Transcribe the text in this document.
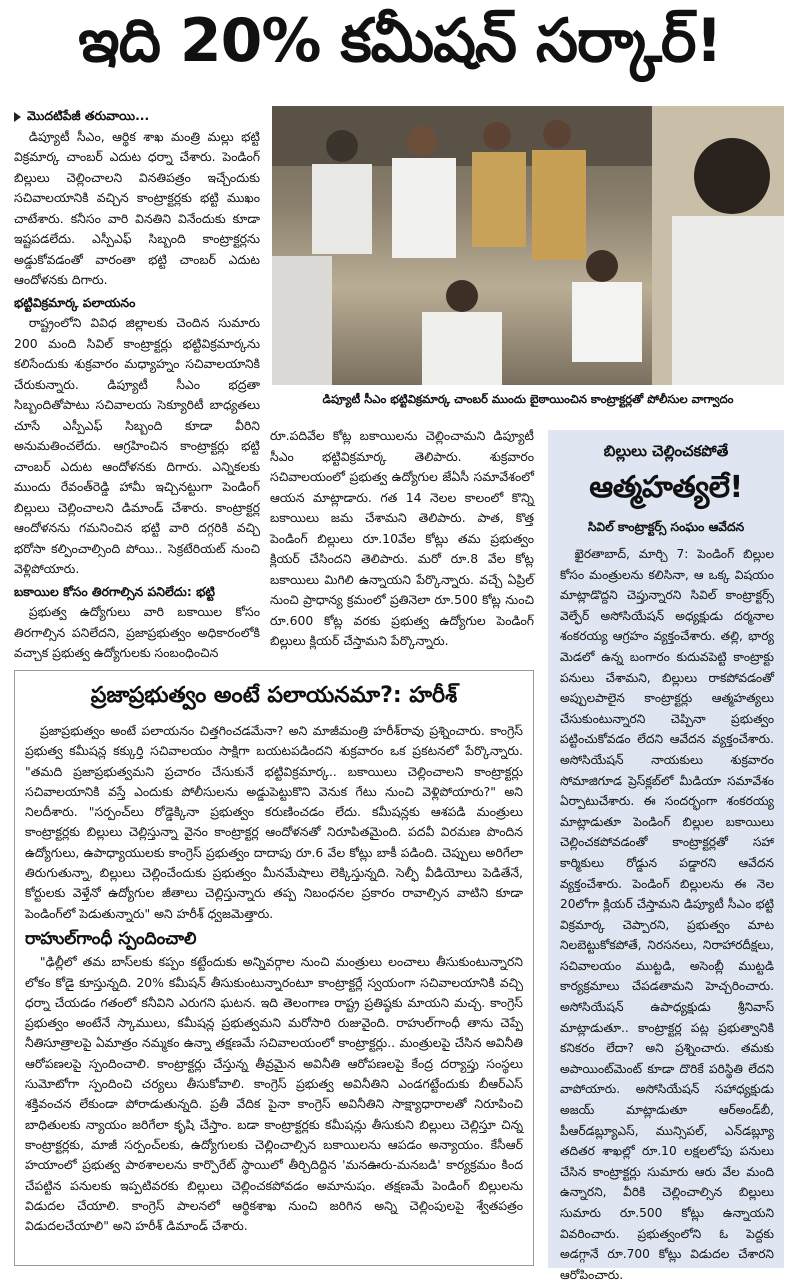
ఇది 20% కమీషన్ సర్కార్!
మొదటిపేజీ తరువాయి...

డిప్యూటీ సీఎం, ఆర్థిక శాఖ మంత్రి మల్లు భట్టి విక్రమార్క చాంబర్ ఎదుట ధర్నా చేశారు. పెండింగ్ బిల్లులు చెల్లించాలని వినతిపత్రం ఇచ్చేందుకు సచివాలయానికి వచ్చిన కాంట్రాక్టర్లకు భట్టి ముఖం చాటేశారు. కనీసం వారి వినతిని వినేందుకు కూడా ఇష్టపడలేదు. ఎస్పీఎఫ్ సిబ్బంది కాంట్రాక్టర్లను అడ్డుకోవడంతో వారంతా భట్టి చాంబర్ ఎదుట ఆందోళనకు దిగారు.

భట్టివిక్రమార్క పలాయనం

రాష్ట్రంలోని వివిధ జిల్లాలకు చెందిన సుమారు 200 మంది సివిల్ కాంట్రాక్టర్లు భట్టివిక్రమార్కను కలిసేందుకు శుక్రవారం మధ్యాహ్నం సచివాలయానికి చేరుకున్నారు. డిప్యూటీ సీఎం భద్రతా సిబ్బందితోపాటు సచివాలయ సెక్యూరిటీ బాధ్యతలు చూసే ఎస్పీఎఫ్ సిబ్బంది కూడా వీరిని అనుమతించలేదు. ఆగ్రహించిన కాంట్రాక్టర్లు భట్టి చాంబర్ ఎదుట ఆందోళనకు దిగారు. ఎన్నికలకు ముందు రేవంత్‌రెడ్డి హామీ ఇచ్చినట్టుగా పెండింగ్ బిల్లులు చెల్లించాలని డిమాండ్ చేశారు. కాంట్రాక్టర్ల ఆందోళనను గమనించిన భట్టి వారి దగ్గరికి వచ్చి భరోసా కల్పించాల్సింది పోయి.. సెక్రటేరియట్ నుంచి వెళ్లిపోయారు.

బకాయిల కోసం తిరగాల్సిన పనిలేదు: భట్టి

ప్రభుత్వ ఉద్యోగులు వారి బకాయిల కోసం తిరగాల్సిన పనిలేదని, ప్రజాప్రభుత్వం అధికారంలోకి వచ్చాక ప్రభుత్వ ఉద్యోగులకు సంబంధించిన

డిప్యూటీ సీఎం భట్టివిక్రమార్క చాంబర్ ముందు బైఠాయించిన కాంట్రాక్టర్లతో పోలీసుల వాగ్వాదం

రూ.పదివేల కోట్ల బకాయిలను చెల్లించామని డిప్యూటీ సీఎం భట్టివిక్రమార్క తెలిపారు. శుక్రవారం సచివాలయంలో ప్రభుత్వ ఉద్యోగుల జేఏసీ సమావేశంలో ఆయన మాట్లాడారు. గత 14 నెలల కాలంలో కొన్ని బకాయిలు జమ చేశామని తెలిపారు. పాత, కొత్త పెండింగ్ బిల్లులు రూ.10వేల కోట్లు తమ ప్రభుత్వం క్లియర్ చేసిందని తెలిపారు. మరో రూ.8 వేల కోట్ల బకాయిలు మిగిలి ఉన్నాయని పేర్కొన్నారు. వచ్చే ఏప్రిల్ నుంచి ప్రాధాన్య క్రమంలో ప్రతినెలా రూ.500 కోట్ల నుంచి రూ.600 కోట్ల వరకు ప్రభుత్వ ఉద్యోగుల పెండింగ్ బిల్లులు క్లియర్ చేస్తామని పేర్కొన్నారు.

బిల్లులు చెల్లించకపోతే
ఆత్మహత్యలే!
సివిల్ కాంట్రాక్టర్స్ సంఘం ఆవేదన

ఖైరతాబాద్, మార్చి 7: పెండింగ్ బిల్లుల కోసం మంత్రులను కలిసినా, ఆ ఒక్క విషయం మాట్లాడొద్దని చెప్తున్నారని సివిల్ కాంట్రాక్టర్స్ వెల్ఫేర్ అసోసియేషన్ అధ్యక్షుడు దర్మనాల శంకరయ్య ఆగ్రహం వ్యక్తంచేశారు. తల్లి, భార్య మెడలో ఉన్న బంగారం కుదువపెట్టి కాంట్రాక్టు పనులు చేశామని, బిల్లులు రాకపోవడంతో అప్పులపాలైన కాంట్రాక్టర్లు ఆత్మహత్యలు చేసుకుంటున్నారని చెప్పినా ప్రభుత్వం పట్టించుకోవడం లేదని ఆవేదన వ్యక్తంచేశారు. అసోసియేషన్ నాయకులు శుక్రవారం సోమాజిగూడ ప్రెస్‌క్లబ్‌లో మీడియా సమావేశం ఏర్పాటుచేశారు. ఈ సందర్భంగా శంకరయ్య మాట్లాడుతూ పెండింగ్ బిల్లుల బకాయిలు చెల్లించకపోవడంతో కాంట్రాక్టర్లతో సహా కార్మికులు రోడ్డున పడ్డారని ఆవేదన వ్యక్తంచేశారు. పెండింగ్ బిల్లులను ఈ నెల 20లోగా క్లియర్ చేస్తామని డిప్యూటీ సీఎం భట్టి విక్రమార్క చెప్పారని, ప్రభుత్వం మాట నిలబెట్టుకోకపోతే, నిరసనలు, నిరాహారదీక్షలు, సచివాలయం ముట్టడి, అసెంబ్లీ ముట్టడి కార్యక్రమాలు చేపడతామని హెచ్చరించారు. అసోసియేషన్ ఉపాధ్యక్షుడు శ్రీనివాస్ మాట్లాడుతూ.. కాంట్రాక్టర్ల పట్ల ప్రభుత్వానికి కనికరం లేదా? అని ప్రశ్నించారు. తమకు అపాయింట్‌మెంట్ కూడా దొరికే పరిస్థితి లేదని వాపోయారు. అసోసియేషన్ సహాధ్యక్షుడు అజయ్ మాట్లాడుతూ ఆర్‌అండ్‌బీ, పీఆర్‌డబ్ల్యూఎస్, మున్సిపల్, ఎన్‌డబ్ల్యూ తదితర శాఖల్లో రూ.10 లక్షలలోపు పనులు చేసిన కాంట్రాక్టర్లు సుమారు ఆరు వేల మంది ఉన్నారని, వీరికి చెల్లించాల్సిన బిల్లులు సుమారు రూ.500 కోట్లు ఉన్నాయని వివరించారు. ప్రభుత్వంలోని ఓ పెద్దకు అడగ్గానే రూ.700 కోట్లు విడుదల చేశారని ఆరోపించారు.

ప్రజాప్రభుత్వం అంటే పలాయనమా?: హరీశ్

ప్రజాప్రభుత్వం అంటే పలాయనం చిత్తగించడమేనా? అని మాజీమంత్రి హరీశ్‌రావు ప్రశ్నించారు. కాంగ్రెస్ ప్రభుత్వ కమీషన్ల కక్కుర్తి సచివాలయం సాక్షిగా బయటపడిందని శుక్రవారం ఒక ప్రకటనలో పేర్కొన్నారు. "తమది ప్రజాప్రభుత్వమని ప్రచారం చేసుకునే భట్టివిక్రమార్క.. బకాయిలు చెల్లించాలని కాంట్రాక్టర్లు సచివాలయానికి వస్తే ఎందుకు పోలీసులను అడ్డుపెట్టుకొని వెనుక గేటు నుంచి వెళ్లిపోయారు?" అని నిలదీశారు. "సర్పంచ్‌లు రోడ్డెక్కినా ప్రభుత్వం కరుణించడం లేదు. కమీషన్లకు ఆశపడి మంత్రులు కాంట్రాక్టర్లకు బిల్లులు చెల్లిస్తున్నా వైనం కాంట్రాక్టర్ల ఆందోళనతో నిరూపితమైంది. పదవీ విరమణ పొందిన ఉద్యోగులు, ఉపాధ్యాయులకు కాంగ్రెస్ ప్రభుత్వం దాదాపు రూ.6 వేల కోట్లు బాకీ పడింది. చెప్పులు అరిగేలా తిరుగుతున్నా, బిల్లులు చెల్లించేందుకు ప్రభుత్వం మీనమేషాలు లెక్కిస్తున్నది. సెల్ఫీ వీడియోలు పెడితేనే, కోర్టులకు వెళ్తేనో ఉద్యోగుల జీతాలు చెల్లిస్తున్నారు తప్ప నిబంధనల ప్రకారం రావాల్సిన వాటిని కూడా పెండింగ్‌లో పెడుతున్నారు" అని హరీశ్ ధ్వజమెత్తారు.

రాహుల్‌గాంధీ స్పందించాలి

"ఢిల్లీలో తమ బాస్‌లకు కప్పం కట్టేందుకు అన్నివర్గాల నుంచి మంత్రులు లంచాలు తీసుకుంటున్నారని లోకం కోడై కూస్తున్నది. 20% కమీషన్ తీసుకుంటున్నారంటూ కాంట్రాక్టర్లే స్వయంగా సచివాలయానికి వచ్చి ధర్నా చేయడం గతంలో కనీవిని ఎరుగని ఘటన. ఇది తెలంగాణ రాష్ట్ర ప్రతిష్ఠకు మాయని మచ్చ. కాంగ్రెస్ ప్రభుత్వం అంటేనే స్కాములు, కమీషన్ల ప్రభుత్వమని మరోసారి రుజువైంది. రాహుల్‌గాంధీ తాను చెప్పే నీతిసూత్రాలపై ఏమాత్రం నమ్మకం ఉన్నా తక్షణమే సచివాలయంలో కాంట్రాక్టర్లు.. మంత్రులపై చేసిన అవినీతి ఆరోపణలపై స్పందించాలి. కాంట్రాక్టర్లు చేస్తున్న తీవ్రమైన అవినీతి ఆరోపణలపై కేంద్ర దర్యాప్తు సంస్థలు సుమోటోగా స్పందించి చర్యలు తీసుకోవాలి. కాంగ్రెస్ ప్రభుత్వ అవినీతిని ఎండగట్టేందుకు బీఆర్ఎస్ శక్తివంచన లేకుండా పోరాడుతున్నది. ప్రతీ వేదిక పైనా కాంగ్రెస్ అవినీతిని సాక్ష్యాధారాలతో నిరూపించి బాధితులకు న్యాయం జరిగేలా కృషి చేస్తాం. బడా కాంట్రాక్టర్లకు కమీషన్లు తీసుకుని బిల్లులు చెల్లిస్తూ చిన్న కాంట్రాక్టర్లకు, మాజీ సర్పంచ్‌లకు, ఉద్యోగులకు చెల్లించాల్సిన బకాయిలను ఆపడం అన్యాయం. కేసీఆర్ హయాంలో ప్రభుత్వ పాఠశాలలను కార్పొరేట్ స్థాయిలో తీర్చిదిద్దిన 'మనఊరు-మనబడి' కార్యక్రమం కింద చేపట్టిన పనులకు ఇప్పటివరకు బిల్లులు చెల్లించకపోవడం అమానుషం. తక్షణమే పెండింగ్ బిల్లులను విడుదల చేయాలి. కాంగ్రెస్ పాలనలో ఆర్థికశాఖ నుంచి జరిగిన అన్ని చెల్లింపులపై శ్వేతపత్రం విడుదలచేయాలి" అని హరీశ్ డిమాండ్ చేశారు.
